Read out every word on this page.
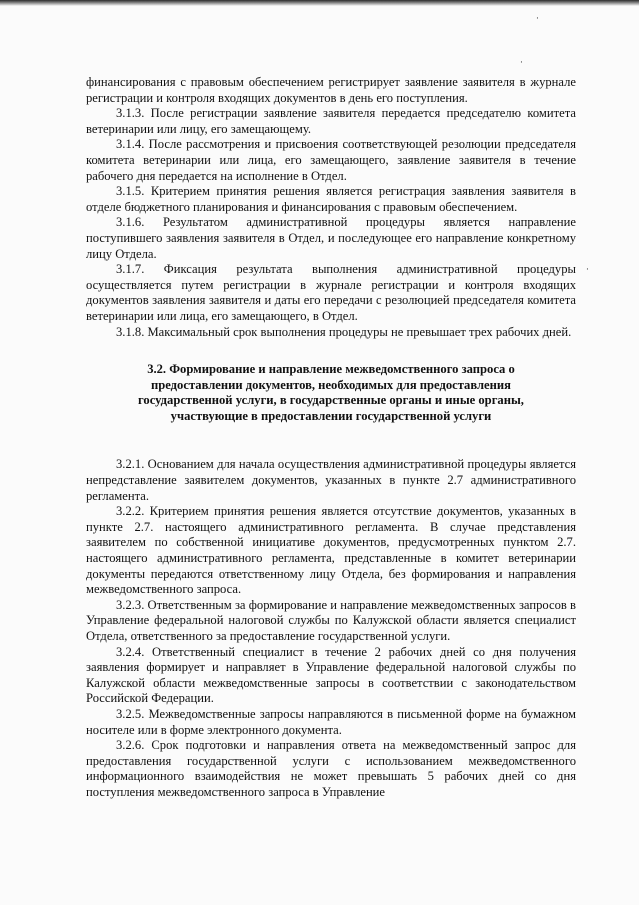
·
·
·

финансирования с правовым обеспечением регистрирует заявление заявителя в журнале регистрации и контроля входящих документов в день его поступления.

3.1.3. После регистрации заявление заявителя передается председателю комитета ветеринарии или лицу, его замещающему.

3.1.4. После рассмотрения и присвоения соответствующей резолюции председателя комитета ветеринарии или лица, его замещающего, заявление заявителя в течение рабочего дня передается на исполнение в Отдел.

3.1.5. Критерием принятия решения является регистрация заявления заявителя в отделе бюджетного планирования и финансирования с правовым обеспечением.

3.1.6. Результатом административной процедуры является направление поступившего заявления заявителя в Отдел, и последующее его направление конкретному лицу Отдела.

3.1.7. Фиксация результата выполнения административной процедуры осуществляется путем регистрации в журнале регистрации и контроля входящих документов заявления заявителя и даты его передачи с резолюцией председателя комитета ветеринарии или лица, его замещающего, в Отдел.

3.1.8. Максимальный срок выполнения процедуры не превышает трех рабочих дней.

3.2. Формирование и направление межведомственного запроса о
предоставлении документов, необходимых для предоставления
государственной услуги, в государственные органы и иные органы,
участвующие в предоставлении государственной услуги

3.2.1. Основанием для начала осуществления административной процедуры является непредставление заявителем документов, указанных в пункте 2.7 административного регламента.

3.2.2. Критерием принятия решения является отсутствие документов, указанных в пункте 2.7. настоящего административного регламента. В случае представления заявителем по собственной инициативе документов, предусмотренных пунктом 2.7. настоящего административного регламента, представленные в комитет ветеринарии документы передаются ответственному лицу Отдела, без формирования и направления межведомственного запроса.

3.2.3. Ответственным за формирование и направление межведомственных запросов в Управление федеральной налоговой службы по Калужской области является специалист Отдела, ответственного за предоставление государственной услуги.

3.2.4. Ответственный специалист в течение 2 рабочих дней со дня получения заявления формирует и направляет в Управление федеральной налоговой службы по Калужской области межведомственные запросы в соответствии с законодательством Российской Федерации.

3.2.5. Межведомственные запросы направляются в письменной форме на бумажном носителе или в форме электронного документа.

3.2.6. Срок подготовки и направления ответа на межведомственный запрос для предоставления государственной услуги с использованием межведомственного информационного взаимодействия не может превышать 5 рабочих дней со дня поступления межведомственного запроса в Управление
